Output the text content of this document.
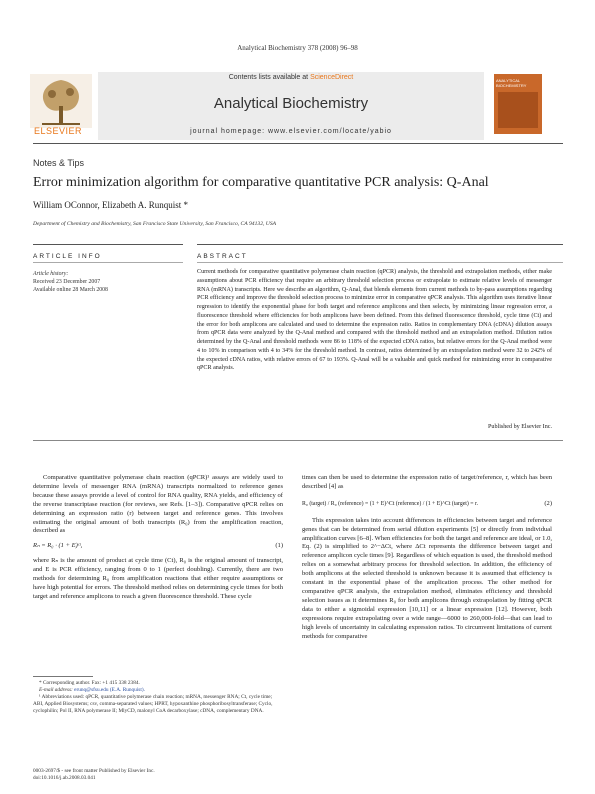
Analytical Biochemistry 378 (2008) 96–98
ELSEVIER
Contents lists available at ScienceDirect
Analytical Biochemistry
journal homepage: www.elsevier.com/locate/yabio
ANALYTICAL BIOCHEMISTRY
Notes & Tips
Error minimization algorithm for comparative quantitative PCR analysis: Q-Anal
William OConnor, Elizabeth A. Runquist *
Department of Chemistry and Biochemistry, San Francisco State University, San Francisco, CA 94132, USA
ARTICLE INFO	ABSTRACT
Article history:
Received 23 December 2007
Available online 28 March 2008
Current methods for comparative quantitative polymerase chain reaction (qPCR) analysis, the threshold and extrapolation methods, either make assumptions about PCR efficiency that require an arbitrary threshold selection process or extrapolate to estimate relative levels of messenger RNA (mRNA) transcripts. Here we describe an algorithm, Q-Anal, that blends elements from current methods to by-pass assumptions regarding PCR efficiency and improve the threshold selection process to minimize error in comparative qPCR analysis. This algorithm uses iterative linear regression to identify the exponential phase for both target and reference amplicons and then selects, by minimizing linear regression error, a fluorescence threshold where efficiencies for both amplicons have been defined. From this defined fluorescence threshold, cycle time (Ct) and the error for both amplicons are calculated and used to determine the expression ratio. Ratios in complementary DNA (cDNA) dilution assays from qPCR data were analyzed by the Q-Anal method and compared with the threshold method and an extrapolation method. Dilution ratios determined by the Q-Anal and threshold methods were 86 to 118% of the expected cDNA ratios, but relative errors for the Q-Anal method were 4 to 10% in comparison with 4 to 34% for the threshold method. In contrast, ratios determined by an extrapolation method were 32 to 242% of the expected cDNA ratios, with relative errors of 67 to 193%. Q-Anal will be a valuable and quick method for minimizing error in comparative qPCR analysis.
Published by Elsevier Inc.

Comparative quantitative polymerase chain reaction (qPCR)¹ assays are widely used to determine levels of messenger RNA (mRNA) transcripts normalized to reference genes because these assays provide a level of control for RNA quality, RNA yields, and efficiency of the reverse transcriptase reaction (for reviews, see Refs. [1–3]). Comparative qPCR relies on determining an expression ratio (r) between target and reference genes. This involves estimating the original amount of both transcripts (R₀) from the amplification reaction, described as

Rₙ = R₀ · (1 + E)ᶜᵗ,	(1)

where Rₙ is the amount of product at cycle time (Ct), R₀ is the original amount of transcript, and E is PCR efficiency, ranging from 0 to 1 (perfect doubling). Currently, there are two methods for determining R₀ from amplification reactions that either require assumptions or have high potential for errors. The threshold method relies on determining cycle times for both target and reference amplicons to reach a given fluorescence threshold. These cycle

times can then be used to determine the expression ratio of target/reference, r, which has been described [4] as

R₀ (target) / R₀ (reference) = (1 + E)^Ct (reference) / (1 + E)^Ct (target) = r.	(2)

This expression takes into account differences in efficiencies between target and reference genes that can be determined from serial dilution experiments [5] or directly from individual amplification curves [6–8]. When efficiencies for both the target and reference are ideal, or 1.0, Eq. (2) is simplified to 2^−ΔCt, where ΔCt represents the difference between target and reference amplicon cycle times [9]. Regardless of which equation is used, the threshold method relies on a somewhat arbitrary process for threshold selection. In addition, the efficiency of both amplicons at the selected threshold is unknown because it is assumed that efficiency is constant in the exponential phase of the amplication process. The other method for comparative qPCR analysis, the extrapolation method, eliminates efficiency and threshold selection issues as it determines R₀ for both amplicons through extrapolation by fitting qPCR data to either a sigmoidal expression [10,11] or a linear expression [12]. However, both expressions require extrapolating over a wide range—6000 to 260,000-fold—that can lead to high levels of uncertainty in calculating expression ratios. To circumvent limitations of current methods for comparative

* Corresponding author. Fax: +1 415 338 2384.
E-mail address: erunq@sfsu.edu (E.A. Runquist).
¹ Abbreviations used: qPCR, quantitative polymerase chain reaction; mRNA, messenger RNA; Ct, cycle time; ABI, Applied Biosystems; csv, comma-separated values; HPRT, hypoxanthine phosphoribosyltransferase; Cyclo, cyclophilin; Pol II, RNA polymerase II; MlyCD, malonyl CoA decarboxylase; cDNA, complementary DNA.
0003-2697/$ - see front matter Published by Elsevier Inc.
doi:10.1016/j.ab.2008.03.041
